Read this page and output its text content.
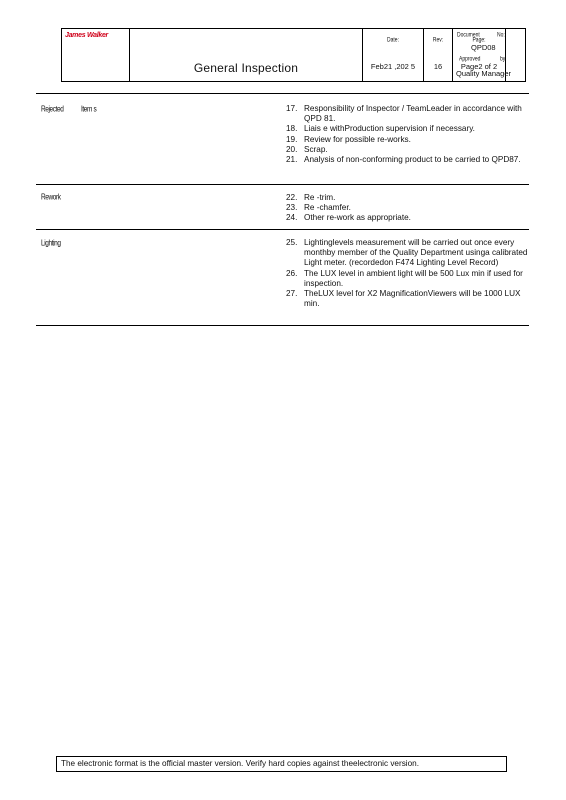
James Walker
General Inspection
Date:
Feb21 ,202 5
Rev:
16
Page:
Page2 of 2
Document	No:
QPD08
Approved	by
Quality Manager
Rejected	Item s	17. Responsibility of Inspector / TeamLeader in accordance with QPD 81.
18. Liais e withProduction supervision if necessary.
19. Review for possible re-works.
20. Scrap.
21. Analysis of non-conforming product to be carried to QPD87.
Rework	22. Re -trim.
23. Re -chamfer.
24. Other re-work as appropriate.
Lighting	25. Lightinglevels measurement will be carried out once every monthby member of the Quality Department usinga calibrated Light meter. (recordedon F474 Lighting Level Record)
26. The LUX level in ambient light will be 500 Lux min if used for inspection.
27. TheLUX level for X2 MagnificationViewers will be 1000 LUX min.
The electronic format is the official master version. Verify hard copies against theelectronic version.
